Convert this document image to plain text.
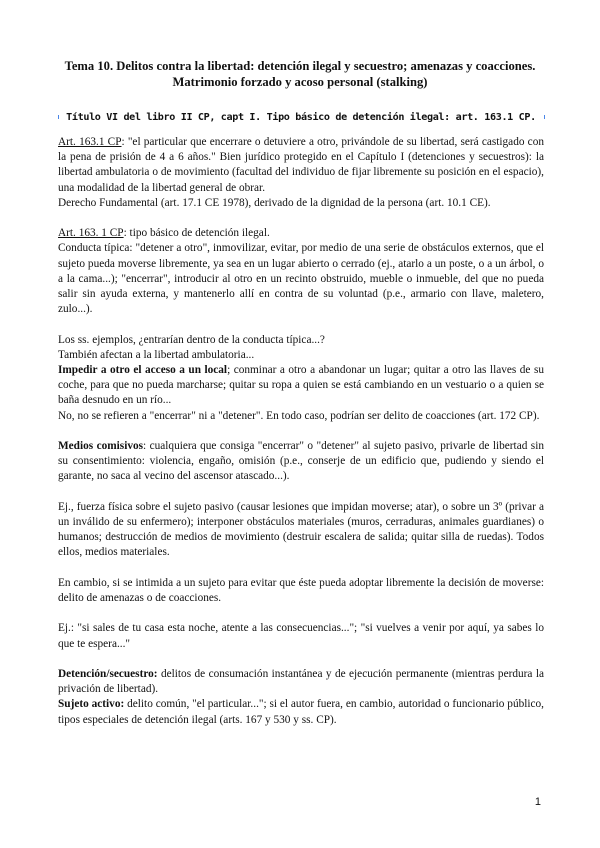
Tema 10. Delitos contra la libertad: detención ilegal y secuestro; amenazas y coacciones.
Matrimonio forzado y acoso personal (stalking)
Título VI del libro II CP, capt I. Tipo básico de detención ilegal: art. 163.1 CP.

Art. 163.1 CP: "el particular que encerrare o detuviere a otro, privándole de su libertad, será castigado con la pena de prisión de 4 a 6 años." Bien jurídico protegido en el Capítulo I (detenciones y secuestros): la libertad ambulatoria o de movimiento (facultad del individuo de fijar libremente su posición en el espacio), una modalidad de la libertad general de obrar.

Derecho Fundamental (art. 17.1 CE 1978), derivado de la dignidad de la persona (art. 10.1 CE).

Art. 163. 1 CP: tipo básico de detención ilegal.

Conducta típica: "detener a otro", inmovilizar, evitar, por medio de una serie de obstáculos externos, que el sujeto pueda moverse libremente, ya sea en un lugar abierto o cerrado (ej., atarlo a un poste, o a un árbol, o a la cama...); "encerrar", introducir al otro en un recinto obstruido, mueble o inmueble, del que no pueda salir sin ayuda externa, y mantenerlo allí en contra de su voluntad (p.e., armario con llave, maletero, zulo...).

Los ss. ejemplos, ¿entrarían dentro de la conducta típica...?

También afectan a la libertad ambulatoria...

Impedir a otro el acceso a un local; conminar a otro a abandonar un lugar; quitar a otro las llaves de su coche, para que no pueda marcharse; quitar su ropa a quien se está cambiando en un vestuario o a quien se baña desnudo en un río...

No, no se refieren a "encerrar" ni a "detener". En todo caso, podrían ser delito de coacciones (art. 172 CP).

Medios comisivos: cualquiera que consiga "encerrar" o "detener" al sujeto pasivo, privarle de libertad sin su consentimiento: violencia, engaño, omisión (p.e., conserje de un edificio que, pudiendo y siendo el garante, no saca al vecino del ascensor atascado...).

Ej., fuerza física sobre el sujeto pasivo (causar lesiones que impidan moverse; atar), o sobre un 3º (privar a un inválido de su enfermero); interponer obstáculos materiales (muros, cerraduras, animales guardianes) o humanos; destrucción de medios de movimiento (destruir escalera de salida; quitar silla de ruedas). Todos ellos, medios materiales.

En cambio, si se intimida a un sujeto para evitar que éste pueda adoptar libremente la decisión de moverse: delito de amenazas o de coacciones.

Ej.: "si sales de tu casa esta noche, atente a las consecuencias..."; "si vuelves a venir por aquí, ya sabes lo que te espera..."

Detención/secuestro: delitos de consumación instantánea y de ejecución permanente (mientras perdura la privación de libertad).

Sujeto activo: delito común, "el particular..."; si el autor fuera, en cambio, autoridad o funcionario público, tipos especiales de detención ilegal (arts. 167 y 530 y ss. CP).

1
